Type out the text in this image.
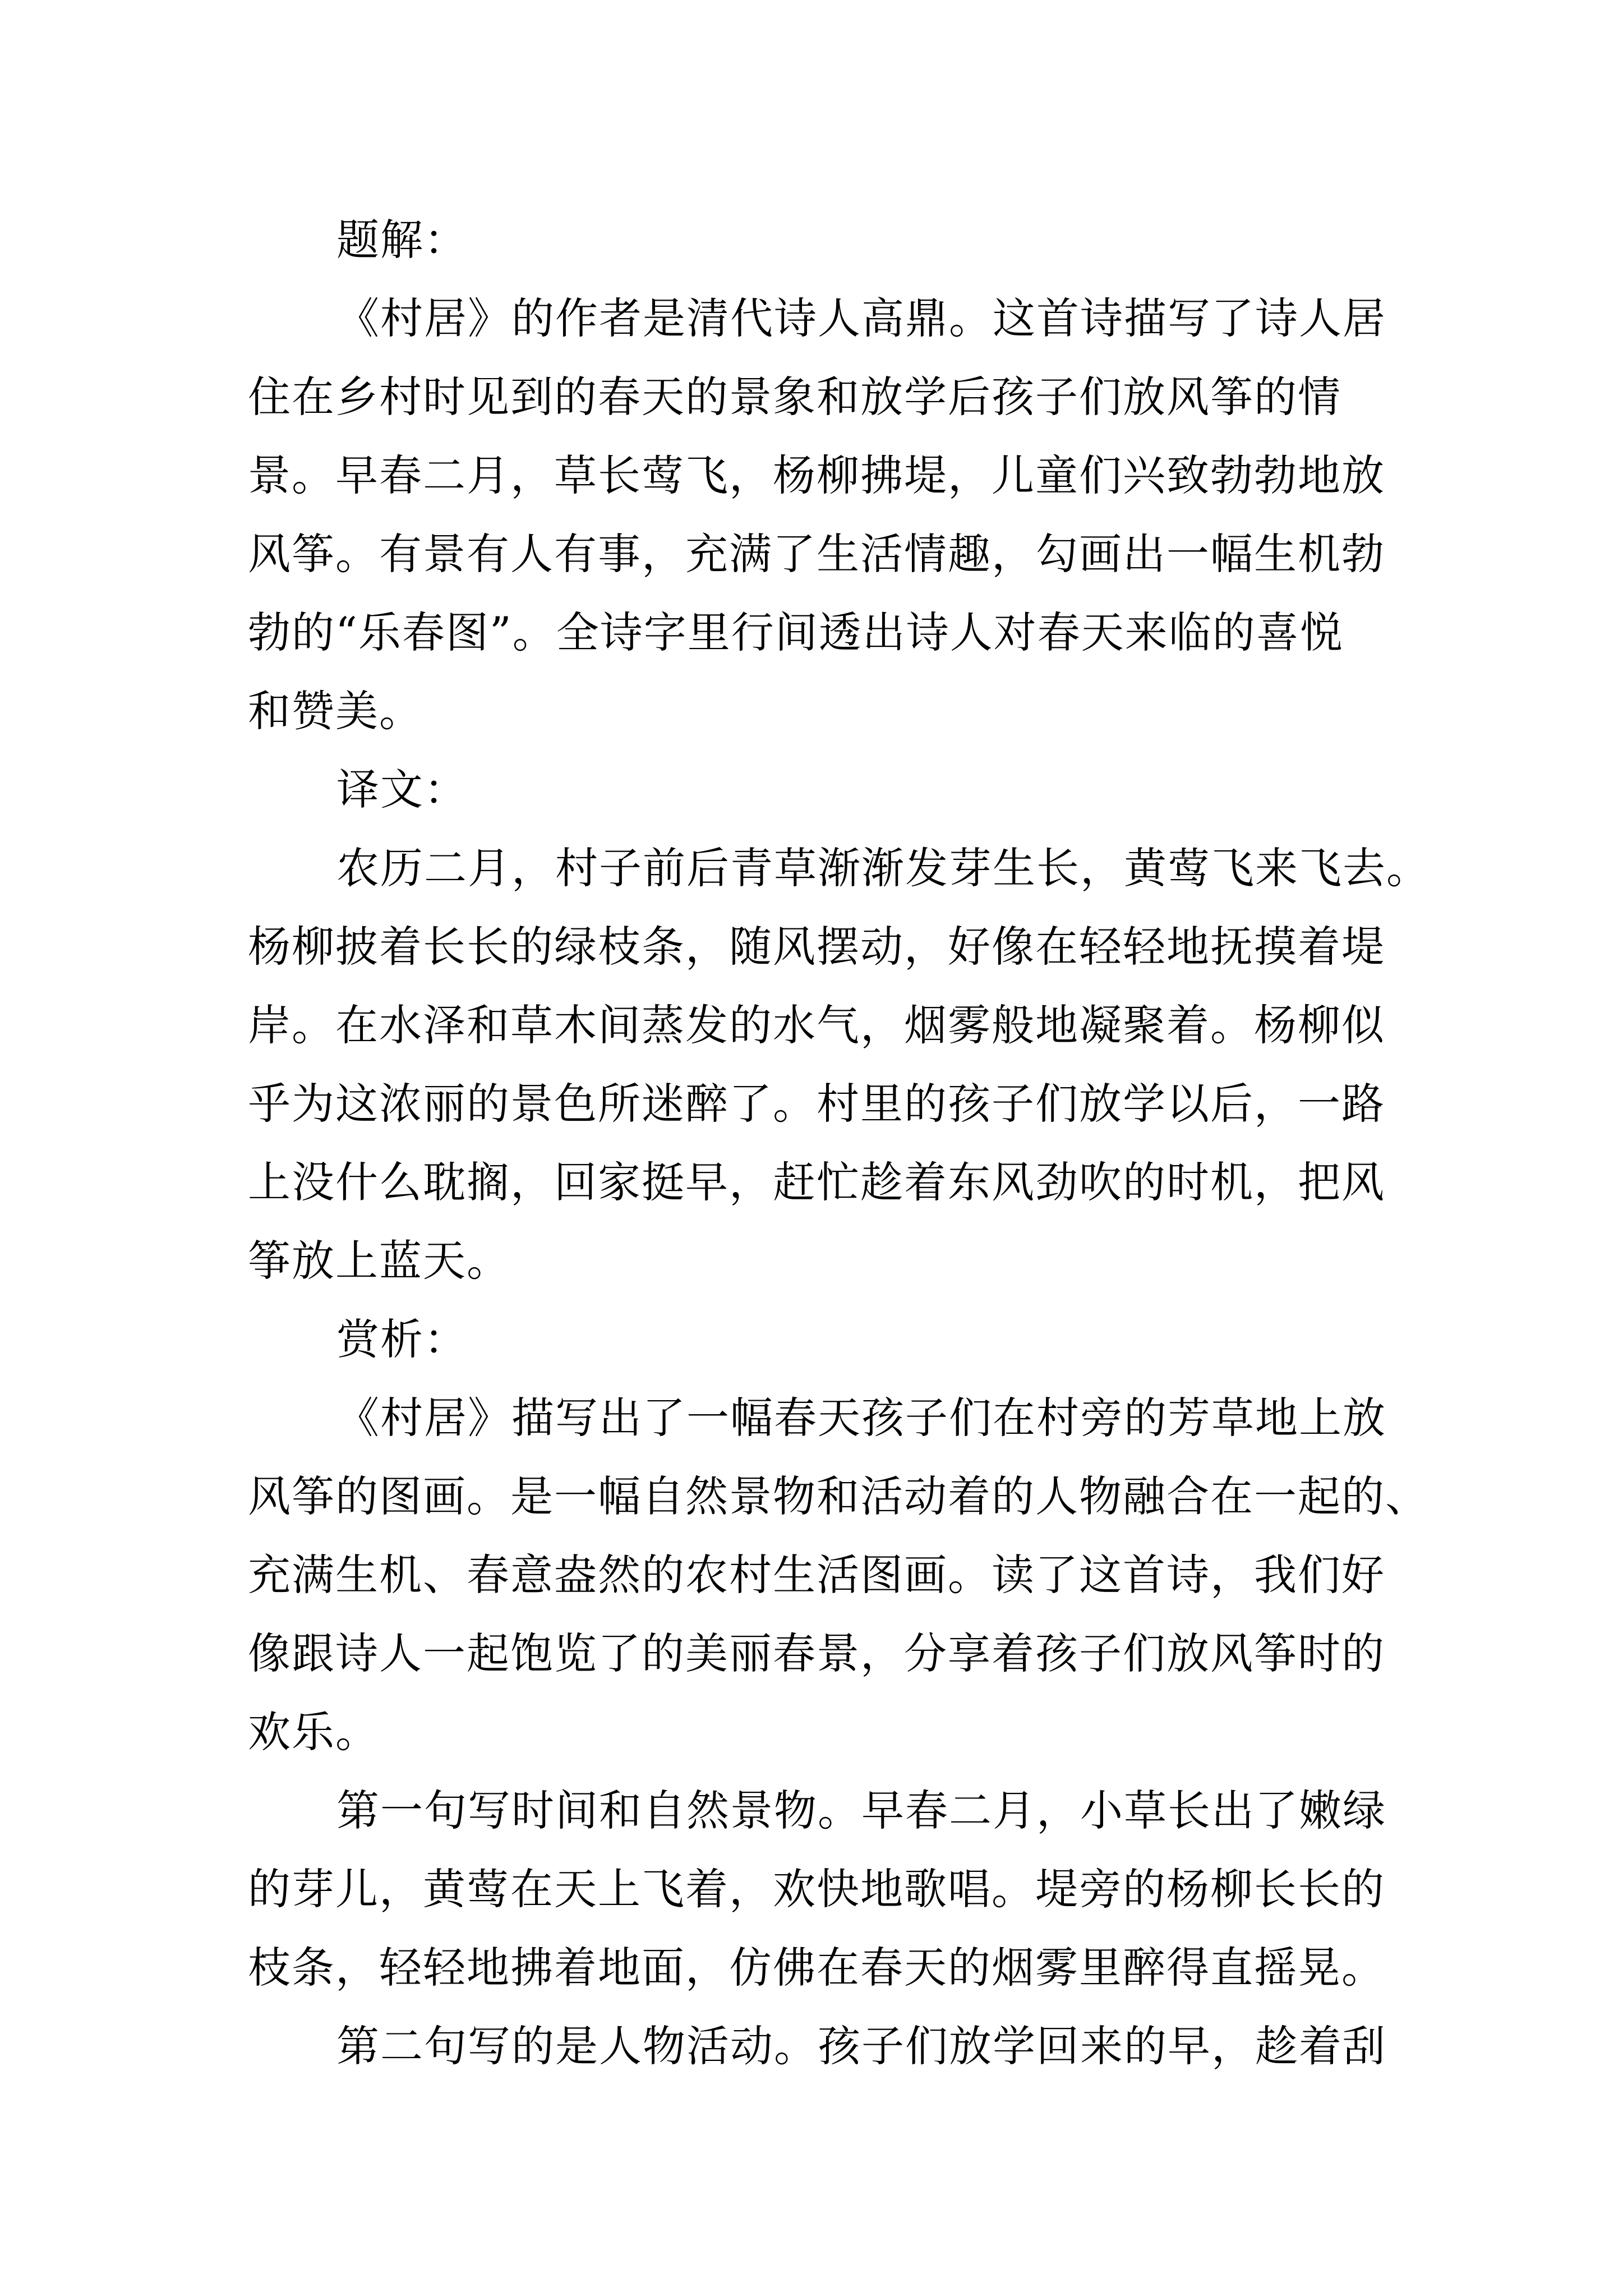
题解：
《村居》的作者是清代诗人高鼎。这首诗描写了诗人居
住在乡村时见到的春天的景象和放学后孩子们放风筝的情
景。早春二月，草长莺飞，杨柳拂堤，儿童们兴致勃勃地放
风筝。有景有人有事，充满了生活情趣，勾画出一幅生机勃
勃的“乐春图”。全诗字里行间透出诗人对春天来临的喜悦
和赞美。
译文：
农历二月，村子前后青草渐渐发芽生长，黄莺飞来飞去。
杨柳披着长长的绿枝条，随风摆动，好像在轻轻地抚摸着堤
岸。在水泽和草木间蒸发的水气，烟雾般地凝聚着。杨柳似
乎为这浓丽的景色所迷醉了。村里的孩子们放学以后，一路
上没什么耽搁，回家挺早，赶忙趁着东风劲吹的时机，把风
筝放上蓝天。
赏析：
《村居》描写出了一幅春天孩子们在村旁的芳草地上放
风筝的图画。是一幅自然景物和活动着的人物融合在一起的、
充满生机、春意盎然的农村生活图画。读了这首诗，我们好
像跟诗人一起饱览了的美丽春景，分享着孩子们放风筝时的
欢乐。
第一句写时间和自然景物。早春二月，小草长出了嫩绿
的芽儿，黄莺在天上飞着，欢快地歌唱。堤旁的杨柳长长的
枝条，轻轻地拂着地面，仿佛在春天的烟雾里醉得直摇晃。
第二句写的是人物活动。孩子们放学回来的早，趁着刮
